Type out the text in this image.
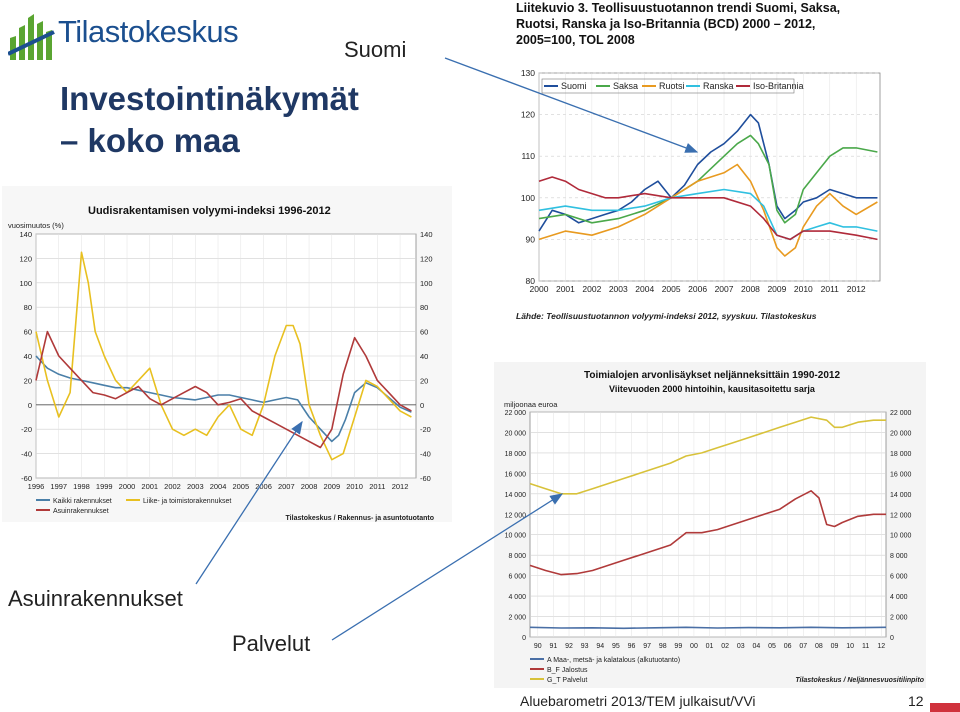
Tilastokeskus
Investointinäkymät
– koko maa
Suomi
Asuinrakennukset
Palvelut
Uudisrakentamisen volyymi-indeksi 1996-2012
vuosimuutos (%)
140
120
100
80
60
40
20
0
-20
-40
-60
140
120
100
80
60
40
20
0
-20
-40
-60
1996 1997 1998 1999 2000 2001 2002 2003 2004 2005 2006 2007 2008 2009 2010 2011 2012
Kaikki rakennukset	Liike- ja toimistorakennukset
Asuinrakennukset
Tilastokeskus / Rakennus- ja asuntotuotanto
Liitekuvio 3. Teollisuustuotannon trendi Suomi, Saksa,
Ruotsi, Ranska ja Iso-Britannia (BCD) 2000 – 2012,
2005=100, TOL 2008
130
120
110
100
90
80
2000 2001 2002 2003 2004 2005 2006 2007 2008 2009 2010 2011 2012
Suomi	Saksa Ruotsi Ranska Iso-Britannia
Lähde: Teollisuustuotannon volyymi-indeksi 2012, syyskuu. Tilastokeskus
Toimialojen arvonlisäykset neljänneksittäin 1990-2012
Viitevuoden 2000 hintoihin, kausitasoitettu sarja
miljoonaa euroa
22 000
20 000
18 000
16 000
14 000
12 000
10 000
8 000
6 000
4 000
2 000
0
22 000
20 000
18 000
16 000
14 000
12 000
10 000
8 000
6 000
4 000
2 000
0
90 91 92 93 94 95 96 97 98 99 00 01 02 03 04 05 06 07 08 09 10 11 12
A Maa-, metsä- ja kalatalous (alkutuotanto)
B_F Jalostus
G_T Palvelut	Tilastokeskus / Neljännesvuositilinpito
Aluebarometri 2013/TEM julkaisut/VVi	12
